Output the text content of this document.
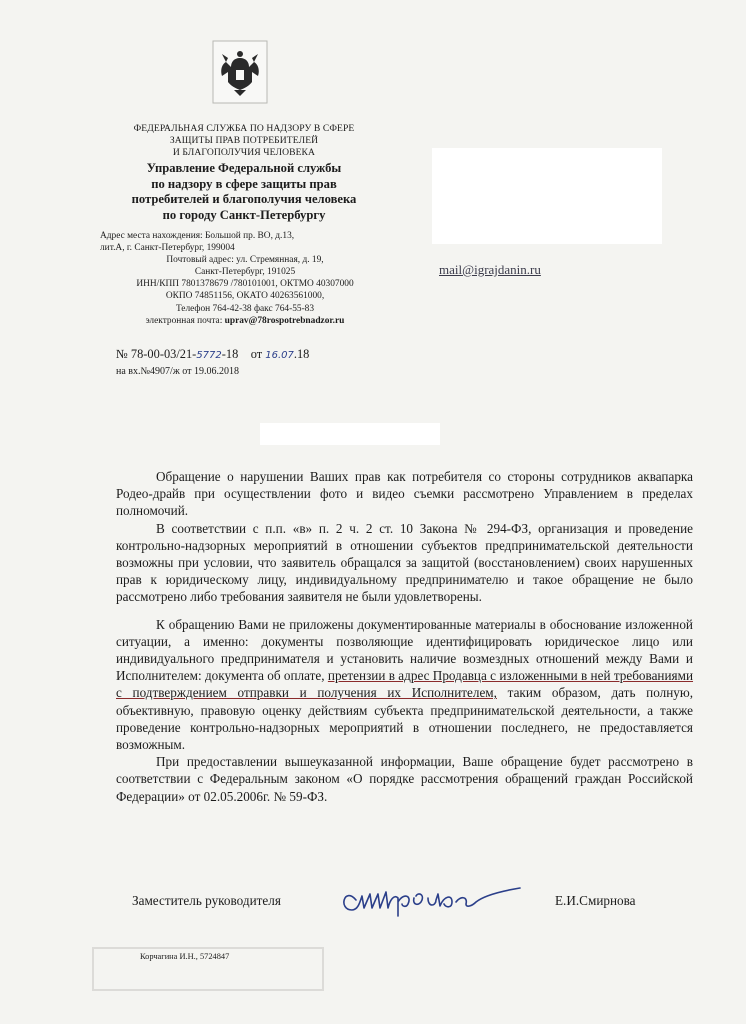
ФЕДЕРАЛЬНАЯ СЛУЖБА ПО НАДЗОРУ В СФЕРЕ
ЗАЩИТЫ ПРАВ ПОТРЕБИТЕЛЕЙ
И БЛАГОПОЛУЧИЯ ЧЕЛОВЕКА
Управление Федеральной службы
по надзору в сфере защиты прав
потребителей и благополучия человека
по городу Санкт-Петербургу
Адрес места нахождения: Большой пр. ВО, д.13,
лит.А, г. Санкт-Петербург, 199004
Почтовый адрес: ул. Стремянная, д. 19,
Санкт-Петербург, 191025
ИНН/КПП 7801378679 /780101001, ОКТМО 40307000
ОКПО 74851156, ОКАТО 40263561000,
Телефон 764-42-38 факс 764-55-83
электронная почта: uprav@78rospotrebnadzor.ru
mail@igrajdanin.ru
№ 78-00-03/21-5772-18 от 16.07.18
на вх.№4907/ж от 19.06.2018

Обращение о нарушении Ваших прав как потребителя со стороны сотрудников аквапарка Родео-драйв при осуществлении фото и видео съемки рассмотрено Управлением в пределах полномочий.

В соответствии с п.п. «в» п. 2 ч. 2 ст. 10 Закона № 294-ФЗ, организация и проведение контрольно-надзорных мероприятий в отношении субъектов предпринимательской деятельности возможны при условии, что заявитель обращался за защитой (восстановлением) своих нарушенных прав к юридическому лицу, индивидуальному предпринимателю и такое обращение не было рассмотрено либо требования заявителя не были удовлетворены.

К обращению Вами не приложены документированные материалы в обоснование изложенной ситуации, а именно: документы позволяющие идентифицировать юридическое лицо или индивидуального предпринимателя и установить наличие возмездных отношений между Вами и Исполнителем: документа об оплате, претензии в адрес Продавца с изложенными в ней требованиями с подтверждением отправки и получения их Исполнителем, таким образом, дать полную, объективную, правовую оценку действиям субъекта предпринимательской деятельности, а также проведение контрольно-надзорных мероприятий в отношении последнего, не предоставляется возможным.

При предоставлении вышеуказанной информации, Ваше обращение будет рассмотрено в соответствии с Федеральным законом «О порядке рассмотрения обращений граждан Российской Федерации» от 02.05.2006г. № 59-ФЗ.

Заместитель руководителя	Е.И.Смирнова
Корчагина И.Н., 5724847
